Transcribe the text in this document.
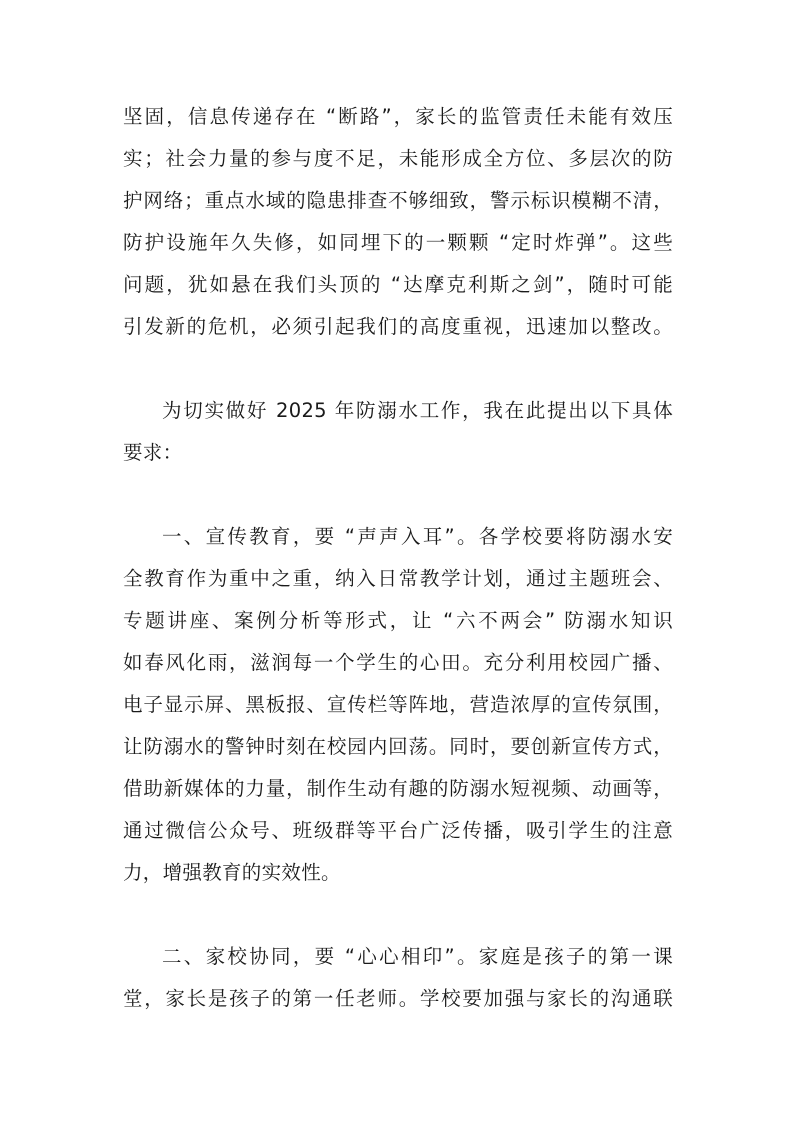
坚固，信息传递存在 “断路”，家长的监管责任未能有效压
实；社会力量的参与度不足，未能形成全方位、多层次的防
护网络；重点水域的隐患排查不够细致，警示标识模糊不清，
防护设施年久失修，如同埋下的一颗颗 “定时炸弹”。这些
问题，犹如悬在我们头顶的 “达摩克利斯之剑”，随时可能
引发新的危机，必须引起我们的高度重视，迅速加以整改。
为切实做好 2025 年防溺水工作，我在此提出以下具体
要求：
一、宣传教育，要 “声声入耳”。各学校要将防溺水安
全教育作为重中之重，纳入日常教学计划，通过主题班会、
专题讲座、案例分析等形式，让 “六不两会” 防溺水知识
如春风化雨，滋润每一个学生的心田。充分利用校园广播、
电子显示屏、黑板报、宣传栏等阵地，营造浓厚的宣传氛围，
让防溺水的警钟时刻在校园内回荡。同时，要创新宣传方式，
借助新媒体的力量，制作生动有趣的防溺水短视频、动画等，
通过微信公众号、班级群等平台广泛传播，吸引学生的注意
力，增强教育的实效性。
二、家校协同，要 “心心相印”。家庭是孩子的第一课
堂，家长是孩子的第一任老师。学校要加强与家长的沟通联
